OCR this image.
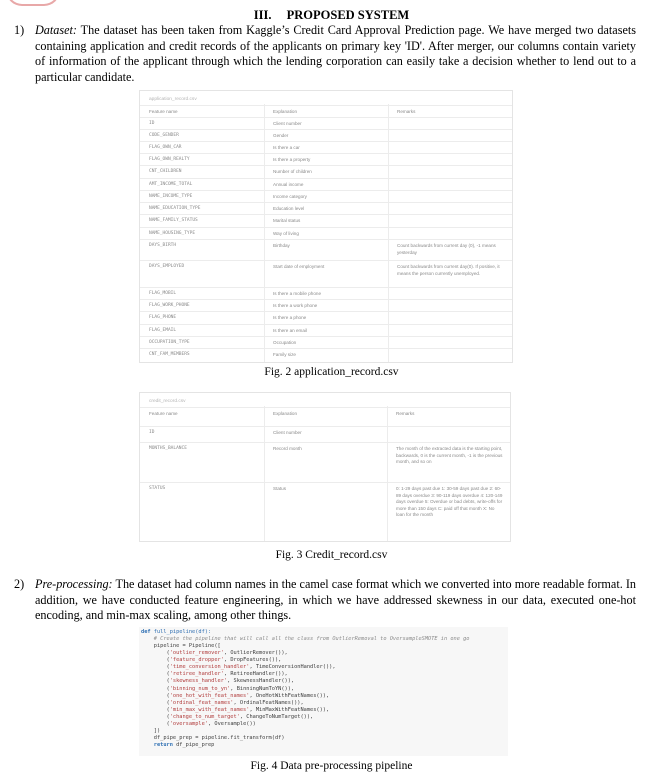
III. PROPOSED SYSTEM
1) Dataset: The dataset has been taken from Kaggle’s Credit Card Approval Prediction page. We have merged two datasets containing application and credit records of the applicants on primary key 'ID'. After merger, our columns contain variety of information of the applicant through which the lending corporation can easily take a decision whether to lend out to a particular candidate.
application_record.csv
Feature name	Explanation	Remarks
ID	Client number
CODE_GENDER	Gender
FLAG_OWN_CAR	Is there a car
FLAG_OWN_REALTY	Is there a property
CNT_CHILDREN	Number of children
AMT_INCOME_TOTAL	Annual income
NAME_INCOME_TYPE	Income category
NAME_EDUCATION_TYPE	Education level
NAME_FAMILY_STATUS	Marital status
NAME_HOUSING_TYPE	Way of living
DAYS_BIRTH	Birthday	Count backwards from current day (0), -1 means yesterday
DAYS_EMPLOYED	Start date of employment	Count backwards from current day(0). If positive, it means the person currently unemployed.
FLAG_MOBIL	Is there a mobile phone
FLAG_WORK_PHONE	Is there a work phone
FLAG_PHONE	Is there a phone
FLAG_EMAIL	Is there an email
OCCUPATION_TYPE	Occupation
CNT_FAM_MEMBERS	Family size
Fig. 2 application_record.csv
credit_record.csv
Feature name	Explanation	Remarks
ID	Client number
MONTHS_BALANCE	Record month	The month of the extracted data is the starting point, backwards, 0 is the current month, -1 is the previous month, and so on
STATUS	Status	0: 1-29 days past due 1: 30-59 days past due 2: 60-89 days overdue 3: 90-119 days overdue 4: 120-149 days overdue 5: Overdue or bad debts, write-offs for more than 150 days C: paid off that month X: No loan for the month
Fig. 3 Credit_record.csv
2) Pre-processing: The dataset had column names in the camel case format which we converted into more readable format. In addition, we have conducted feature engineering, in which we have addressed skewness in our data, executed one-hot encoding, and min-max scaling, among other things.
def full_pipeline(df):
# Create the pipeline that will call all the class from OutlierRemoval to OversampleSMOTE in one go
pipeline = Pipeline([
('outlier_remover', OutlierRemover()),
('feature_dropper', DropFeatures()),
('time_conversion_handler', TimeConversionHandler()),
('retiree_handler', RetireeHandler()),
('skewness_handler', SkewnessHandler()),
('binning_num_to_yn', BinningNumToYN()),
('one_hot_with_feat_names', OneHotWithFeatNames()),
('ordinal_feat_names', OrdinalFeatNames()),
('min_max_with_feat_names', MinMaxWithFeatNames()),
('change_to_num_target', ChangeToNumTarget()),
('oversample', Oversample())
])
df_pipe_prep = pipeline.fit_transform(df)
return df_pipe_prep
Fig. 4 Data pre-processing pipeline
